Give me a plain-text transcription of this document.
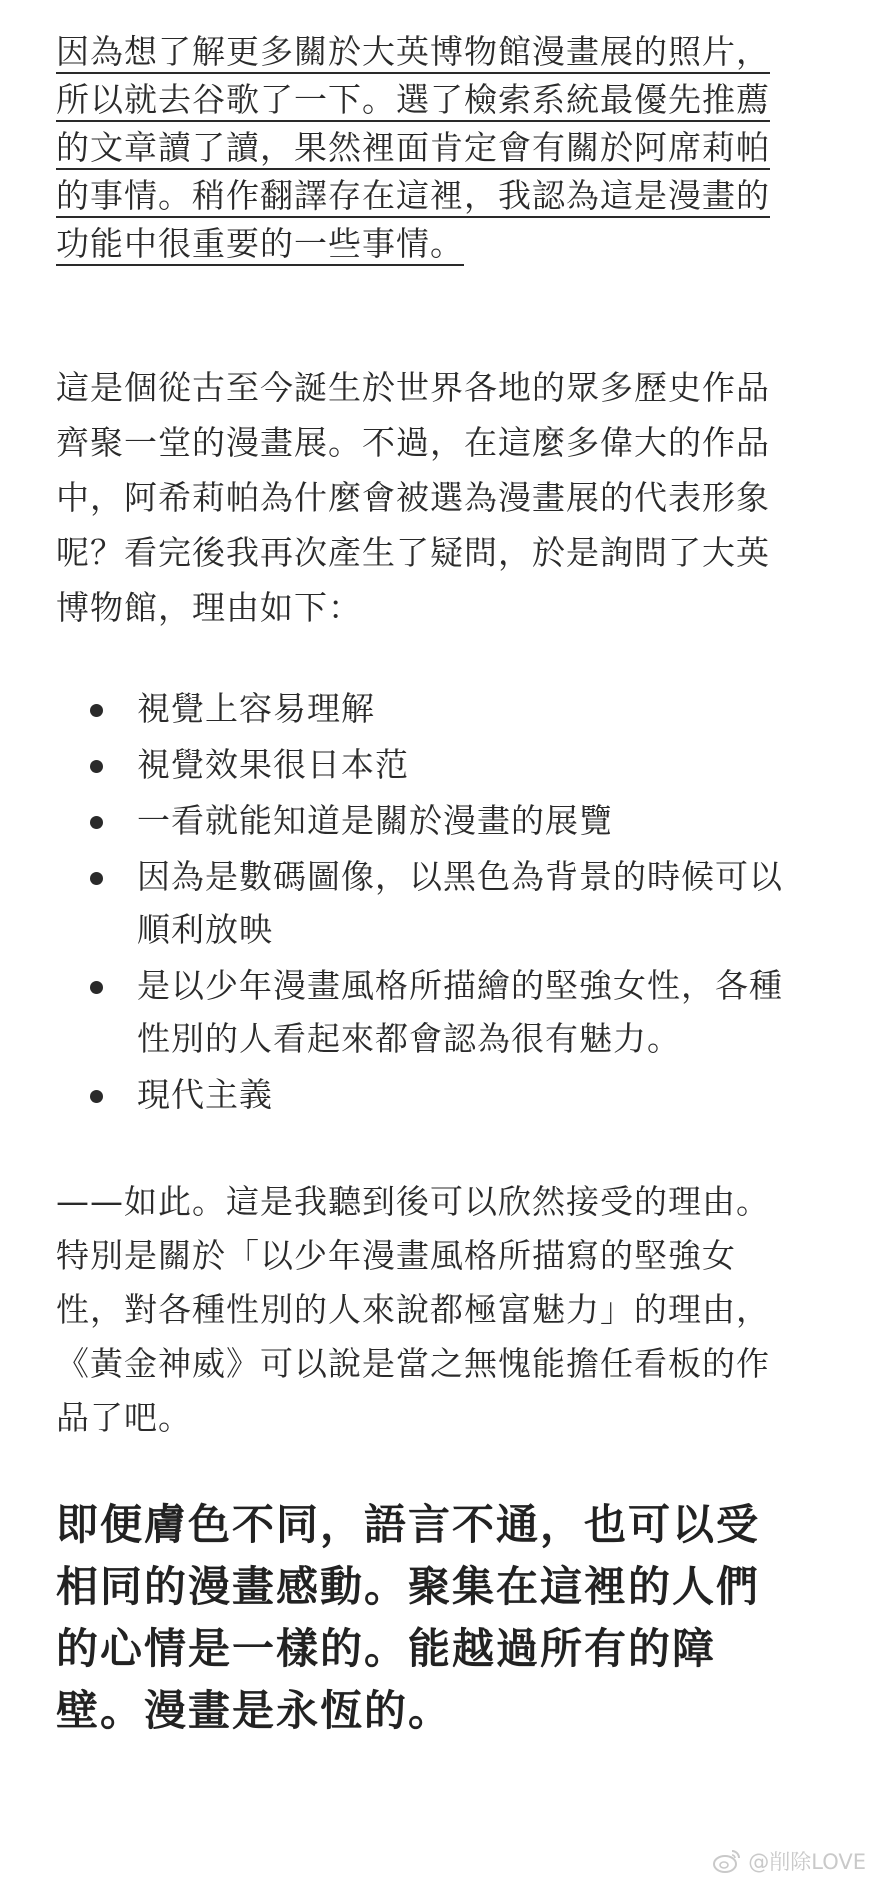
因為想了解更多關於大英博物館漫畫展的照片，
所以就去谷歌了一下。選了檢索系統最優先推薦
的文章讀了讀，果然裡面肯定會有關於阿席莉帕
的事情。稍作翻譯存在這裡，我認為這是漫畫的
功能中很重要的一些事情。
這是個從古至今誕生於世界各地的眾多歷史作品
齊聚一堂的漫畫展。不過，在這麼多偉大的作品
中，阿希莉帕為什麼會被選為漫畫展的代表形象
呢？看完後我再次產生了疑問，於是詢問了大英
博物館，理由如下：
視覺上容易理解
視覺效果很日本范
一看就能知道是關於漫畫的展覽
因為是數碼圖像，以黑色為背景的時候可以
順利放映
是以少年漫畫風格所描繪的堅強女性，各種
性別的人看起來都會認為很有魅力。
現代主義
——如此。這是我聽到後可以欣然接受的理由。
特別是關於「以少年漫畫風格所描寫的堅強女
性，對各種性別的人來說都極富魅力」的理由，
《黃金神威》可以說是當之無愧能擔任看板的作
品了吧。
即便膚色不同，語言不通，也可以受
相同的漫畫感動。聚集在這裡的人們
的心情是一樣的。能越過所有的障
壁。漫畫是永恆的。
@削除LOVE
